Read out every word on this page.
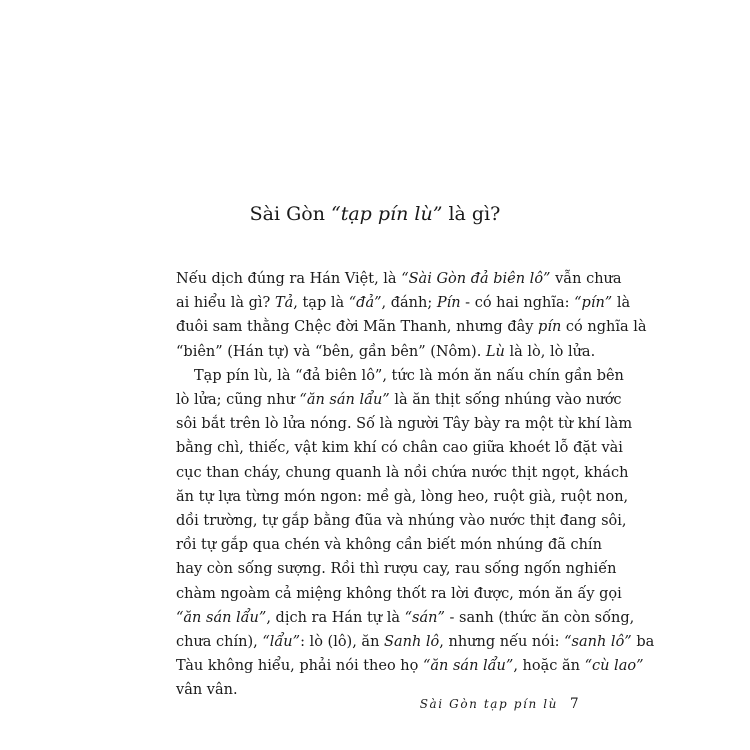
Sài Gòn “tạp pín lù” là gì?
Nếu dịch đúng ra Hán Việt, là “Sài Gòn đả biên lô” vẫn chưa
ai hiểu là gì? Tả, tạp là “đả”, đánh; Pín - có hai nghĩa: “pín” là
đuôi sam thằng Chệc đời Mãn Thanh, nhưng đây pín có nghĩa là
“biên” (Hán tự) và “bên, gần bên” (Nôm). Lù là lò, lò lửa.
Tạp pín lù, là “đả biên lô”, tức là món ăn nấu chín gần bên
lò lửa; cũng như “ăn sán lẩu” là ăn thịt sống nhúng vào nước
sôi bắt trên lò lửa nóng. Số là người Tây bày ra một từ khí làm
bằng chì, thiếc, vật kim khí có chân cao giữa khoét lỗ đặt vài
cục than cháy, chung quanh là nồi chứa nước thịt ngọt, khách
ăn tự lựa từng món ngon: mề gà, lòng heo, ruột già, ruột non,
dồi trường, tự gắp bằng đũa và nhúng vào nước thịt đang sôi,
rồi tự gắp qua chén và không cần biết món nhúng đã chín
hay còn sống sượng. Rồi thì rượu cay, rau sống ngốn nghiến
chàm ngoàm cả miệng không thốt ra lời được, món ăn ấy gọi
“ăn sán lẩu”, dịch ra Hán tự là “sán” - sanh (thức ăn còn sống,
chưa chín), “lẩu”: lò (lô), ăn Sanh lô, nhưng nếu nói: “sanh lô” ba
Tàu không hiểu, phải nói theo họ “ăn sán lẩu”, hoặc ăn “cù lao”
vân vân.
Sài Gòn tạp pín lù 7
